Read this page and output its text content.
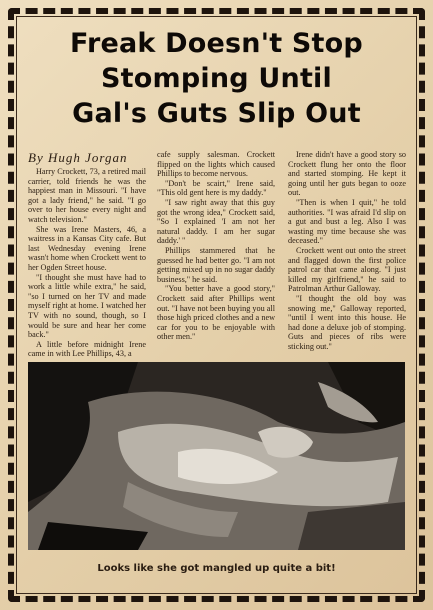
Freak Doesn't Stop
Stomping Until
Gal's Guts Slip Out
By Hugh Jorgan

Harry Crockett, 73, a retired mail carrier, told friends he was the happiest man in Missouri. "I have got a lady friend," he said. "I go over to her house every night and watch television."

She was Irene Masters, 46, a waitress in a Kansas City cafe. But last Wednesday evening Irene wasn't home when Crockett went to her Ogden Street house.

"I thought she must have had to work a little while extra," he said, "so I turned on her TV and made myself right at home. I watched her TV with no sound, though, so I would be sure and hear her come back."

A little before midnight Irene came in with Lee Phillips, 43, a

cafe supply salesman. Crockett flipped on the lights which caused Phillips to become nervous.

"Don't be scairt," Irene said, "This old gent here is my daddy."

"I saw right away that this guy got the wrong idea," Crockett said, "So I explained 'I am not her natural daddy. I am her sugar daddy.' "

Phillips stammered that he guessed he had better go. "I am not getting mixed up in no sugar daddy business," he said.

"You better have a good story," Crockett said after Phillips went out. "I have not been buying you all those high priced clothes and a new car for you to be enjoyable with other men."

Irene didn't have a good story so Crockett flung her onto the floor and started stomping. He kept it going until her guts began to ooze out.

"Then is when I quit," he told authorities. "I was afraid I'd slip on a gut and bust a leg. Also I was wasting my time because she was deceased."

Crockett went out onto the street and flagged down the first police patrol car that came along. "I just killed my girlfriend," he said to Patrolman Arthur Galloway.

"I thought the old boy was snowing me," Galloway reported, "until I went into this house. He had done a deluxe job of stomping. Guts and pieces of ribs were sticking out."

Looks like she got mangled up quite a bit!
